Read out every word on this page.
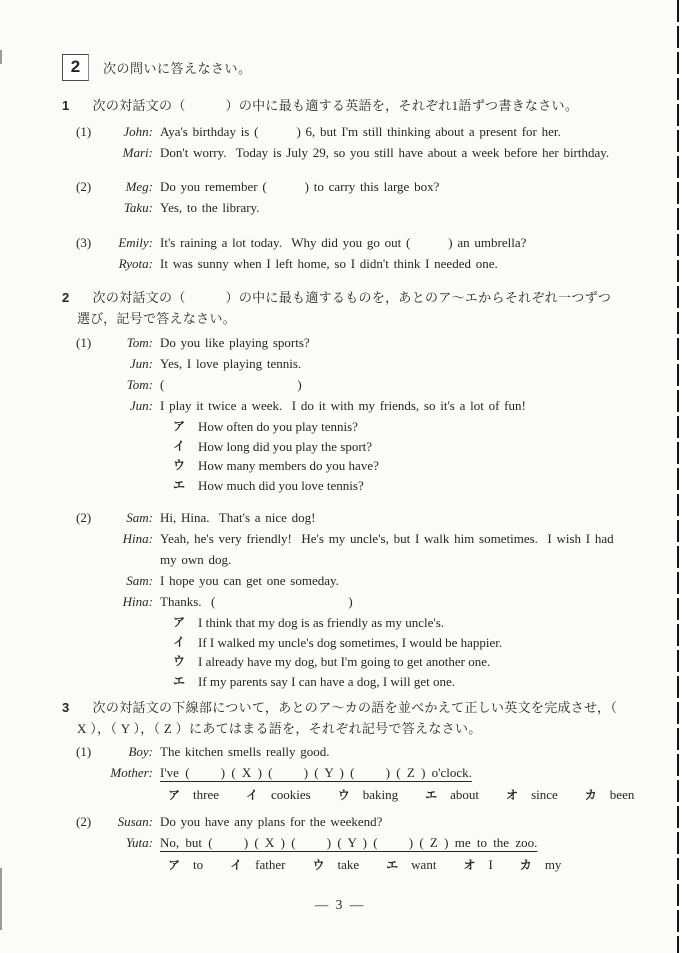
2 次の問いに答えなさい。
1 次の対話文の（　　　）の中に最も適する英語を，それぞれ1語ずつ書きなさい。
(1)	John: Aya's birthday is (        ) 6, but I'm still thinking about a present for her.
Mari: Don't worry.  Today is July 29, so you still have about a week before her birthday.
(2)	Meg: Do you remember (        ) to carry this large box?
Taku: Yes, to the library.
(3)	Emily: It's raining a lot today.  Why did you go out (        ) an umbrella?
Ryota: It was sunny when I left home, so I didn't think I needed one.
2 次の対話文の（　　　）の中に最も適するものを，あとのア～エからそれぞれ一つずつ選び，記号で答えなさい。
(1)	Tom: Do you like playing sports?
Jun: Yes, I love playing tennis.
Tom: (                            )
Jun: I play it twice a week.  I do it with my friends, so it's a lot of fun!
ア How often do you play tennis?
イ How long did you play the sport?
ウ How many members do you have?
エ How much did you love tennis?
(2)	Sam: Hi, Hina.  That's a nice dog!
Hina: Yeah, he's very friendly!  He's my uncle's, but I walk him sometimes.  I wish I had my own dog.
Sam: I hope you can get one someday.
Hina: Thanks.  (                            )
ア I think that my dog is as friendly as my uncle's.
イ If I walked my uncle's dog sometimes, I would be happier.
ウ I already have my dog, but I'm going to get another one.
エ If my parents say I can have a dog, I will get one.
3 次の対話文の下線部について，あとのア～カの語を並べかえて正しい英文を完成させ，（ X ），（ Y ），（ Z ）にあてはまる語を，それぞれ記号で答えなさい。
(1)	Boy: The kitchen smells really good.
Mother: I've (     ) ( X ) (     ) ( Y ) (     ) ( Z ) o'clock.
ア three イ cookies ウ baking エ about オ since カ been
(2)	Susan: Do you have any plans for the weekend?
Yuta: No, but (     ) ( X ) (     ) ( Y ) (     ) ( Z ) me to the zoo.
ア to イ father ウ take エ want オ I カ my
— 3 —
